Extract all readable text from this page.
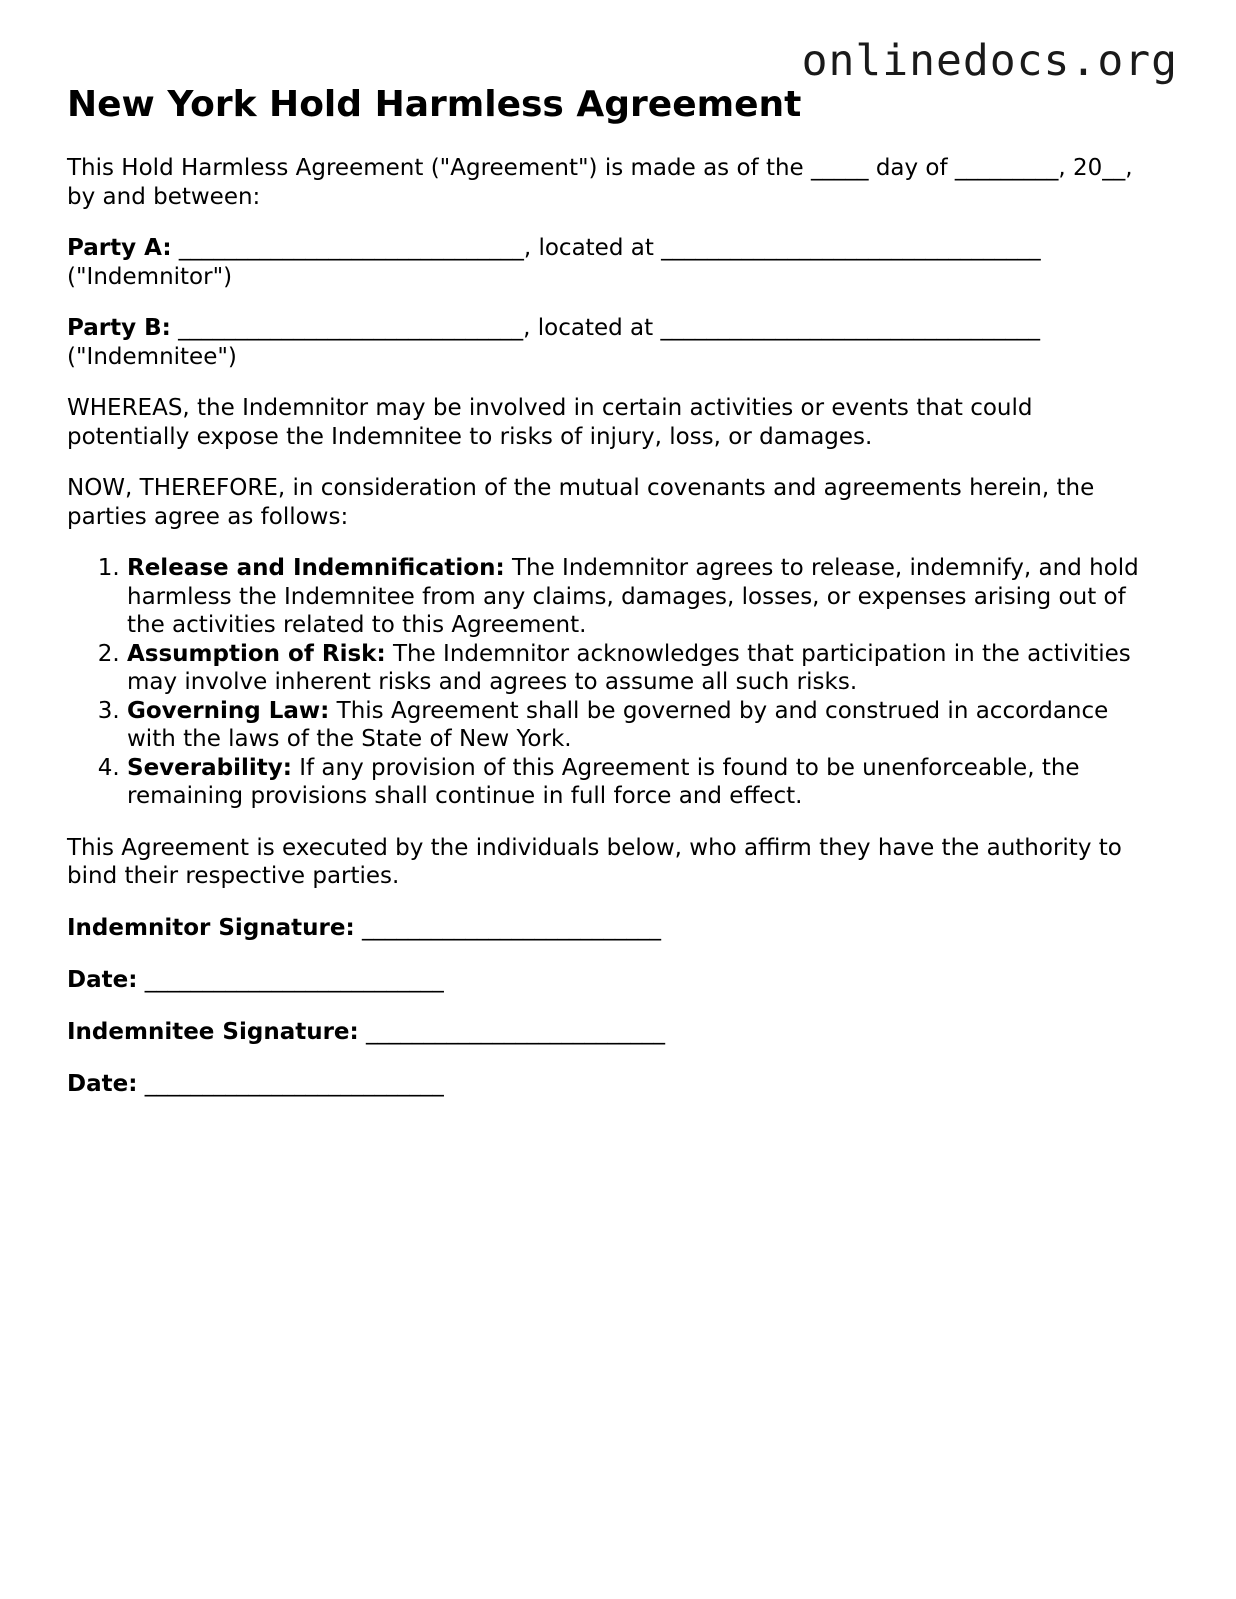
onlinedocs.org
New York Hold Harmless Agreement

This Hold Harmless Agreement ("Agreement") is made as of the _____ day of _________, 20__, by and between:

Party A: ______________________________, located at _________________________________ ("Indemnitor")

Party B: ______________________________, located at _________________________________ ("Indemnitee")

WHEREAS, the Indemnitor may be involved in certain activities or events that could potentially expose the Indemnitee to risks of injury, loss, or damages.

NOW, THEREFORE, in consideration of the mutual covenants and agreements herein, the parties agree as follows:

1. Release and Indemnification: The Indemnitor agrees to release, indemnify, and hold harmless the Indemnitee from any claims, damages, losses, or expenses arising out of the activities related to this Agreement.
2. Assumption of Risk: The Indemnitor acknowledges that participation in the activities may involve inherent risks and agrees to assume all such risks.
3. Governing Law: This Agreement shall be governed by and construed in accordance with the laws of the State of New York.
4. Severability: If any provision of this Agreement is found to be unenforceable, the remaining provisions shall continue in full force and effect.

This Agreement is executed by the individuals below, who affirm they have the authority to bind their respective parties.

Indemnitor Signature: __________________________
Date: __________________________
Indemnitee Signature: __________________________
Date: __________________________
